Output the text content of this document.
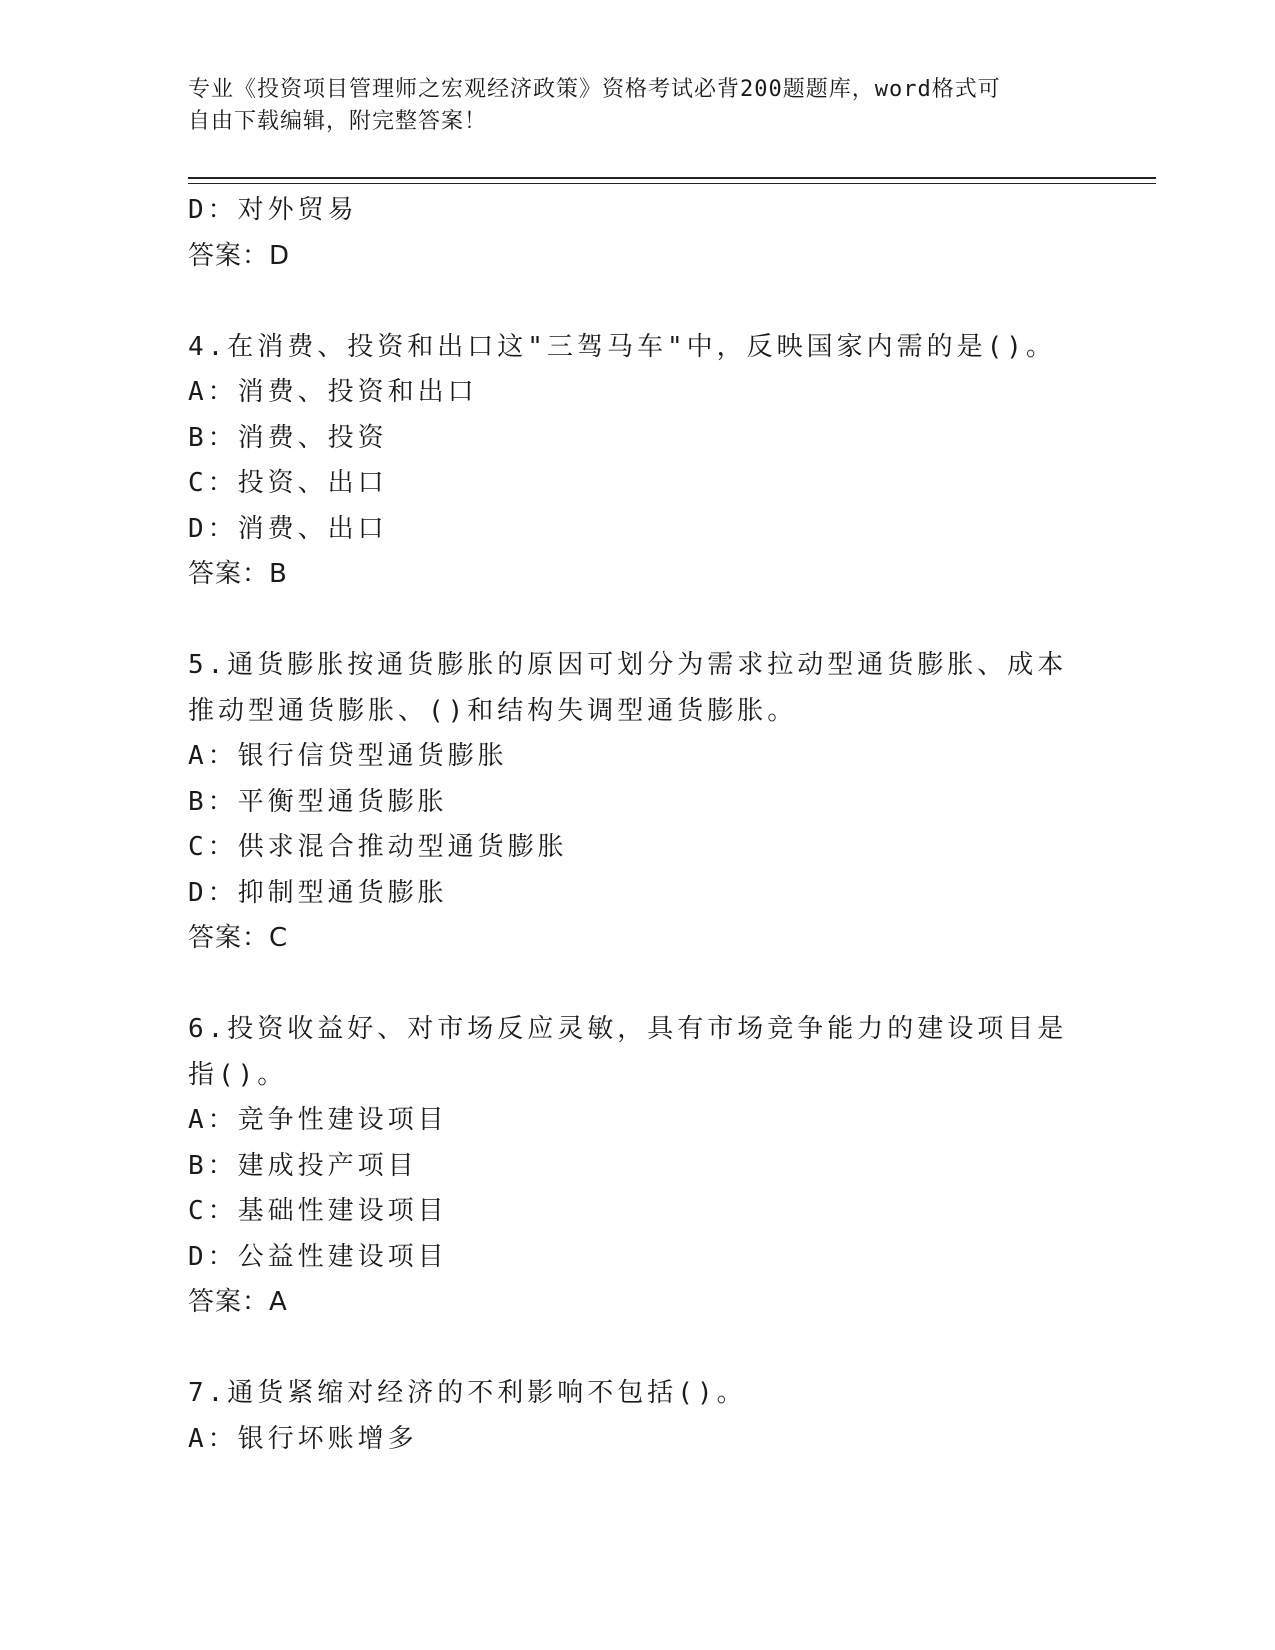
专业《投资项目管理师之宏观经济政策》资格考试必背200题题库，word格式可
自由下载编辑，附完整答案！
D：对外贸易
答案：D
4.在消费、投资和出口这"三驾马车"中，反映国家内需的是()。
A：消费、投资和出口
B：消费、投资
C：投资、出口
D：消费、出口
答案：B
5.通货膨胀按通货膨胀的原因可划分为需求拉动型通货膨胀、成本推动型通货膨胀、()和结构失调型通货膨胀。
A：银行信贷型通货膨胀
B：平衡型通货膨胀
C：供求混合推动型通货膨胀
D：抑制型通货膨胀
答案：C
6.投资收益好、对市场反应灵敏，具有市场竞争能力的建设项目是指()。
A：竞争性建设项目
B：建成投产项目
C：基础性建设项目
D：公益性建设项目
答案：A
7.通货紧缩对经济的不利影响不包括()。
A：银行坏账增多
